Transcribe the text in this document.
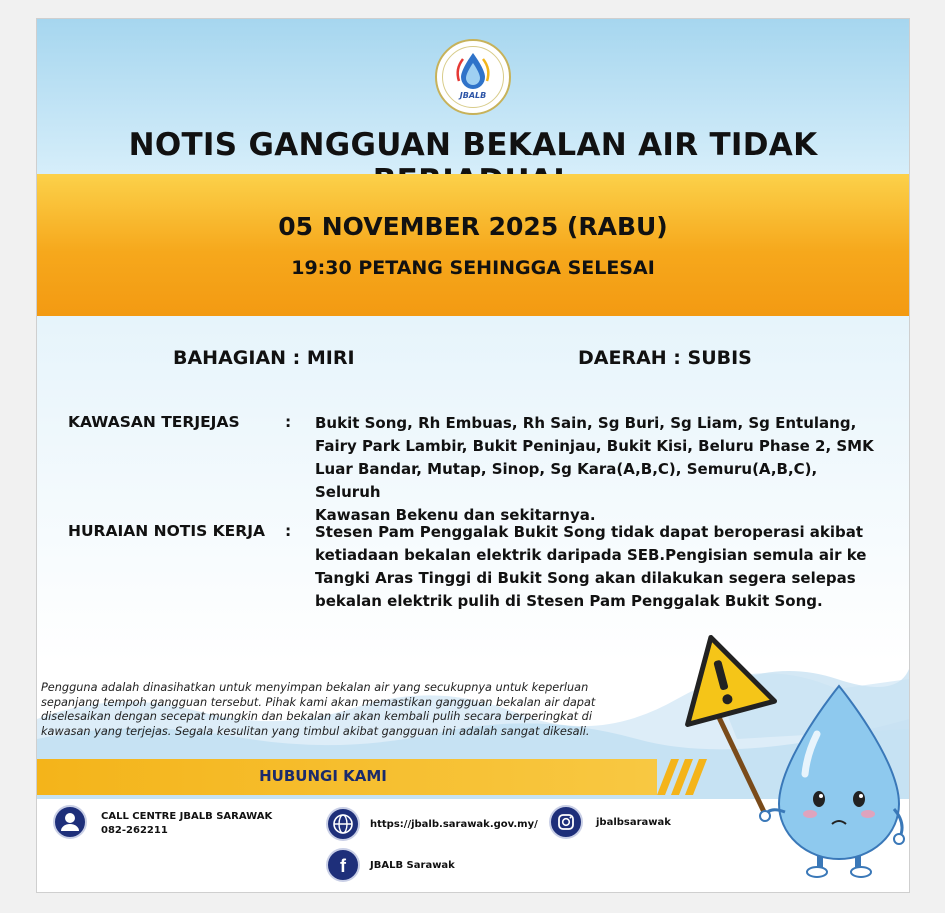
JBALB
NOTIS GANGGUAN BEKALAN AIR TIDAK
05 NOVEMBER 2025 (RABU)
19:30 PETANG SEHINGGA SELESAI
BAHAGIAN : MIRI	DAERAH : SUBIS
KAWASAN TERJEJAS	: Bukit Song, Rh Embuas, Rh Sain, Sg Buri, Sg Liam, Sg Entulang,
Fairy Park Lambir, Bukit Peninjau, Bukit Kisi, Beluru Phase 2, SMK
Luar Bandar, Mutap, Sinop, Sg Kara(A,B,C), Semuru(A,B,C), Seluruh
Kawasan Bekenu dan sekitarnya.
HURAIAN NOTIS KERJA : Stesen Pam Penggalak Bukit Song tidak dapat beroperasi akibat
ketiadaan bekalan elektrik daripada SEB.Pengisian semula air ke
Tangki Aras Tinggi di Bukit Song akan dilakukan segera selepas
bekalan elektrik pulih di Stesen Pam Penggalak Bukit Song.
Pengguna adalah dinasihatkan untuk menyimpan bekalan air yang secukupnya untuk keperluan
sepanjang tempoh gangguan tersebut. Pihak kami akan memastikan gangguan bekalan air dapat
diselesaikan dengan secepat mungkin dan bekalan air akan kembali pulih secara berperingkat di
kawasan yang terjejas. Segala kesulitan yang timbul akibat gangguan ini adalah sangat dikesali.
HUBUNGI KAMI
CALL CENTRE JBALB SARAWAK
082-262211
https://jbalb.sarawak.gov.my/	jbalbsarawak
f JBALB Sarawak
